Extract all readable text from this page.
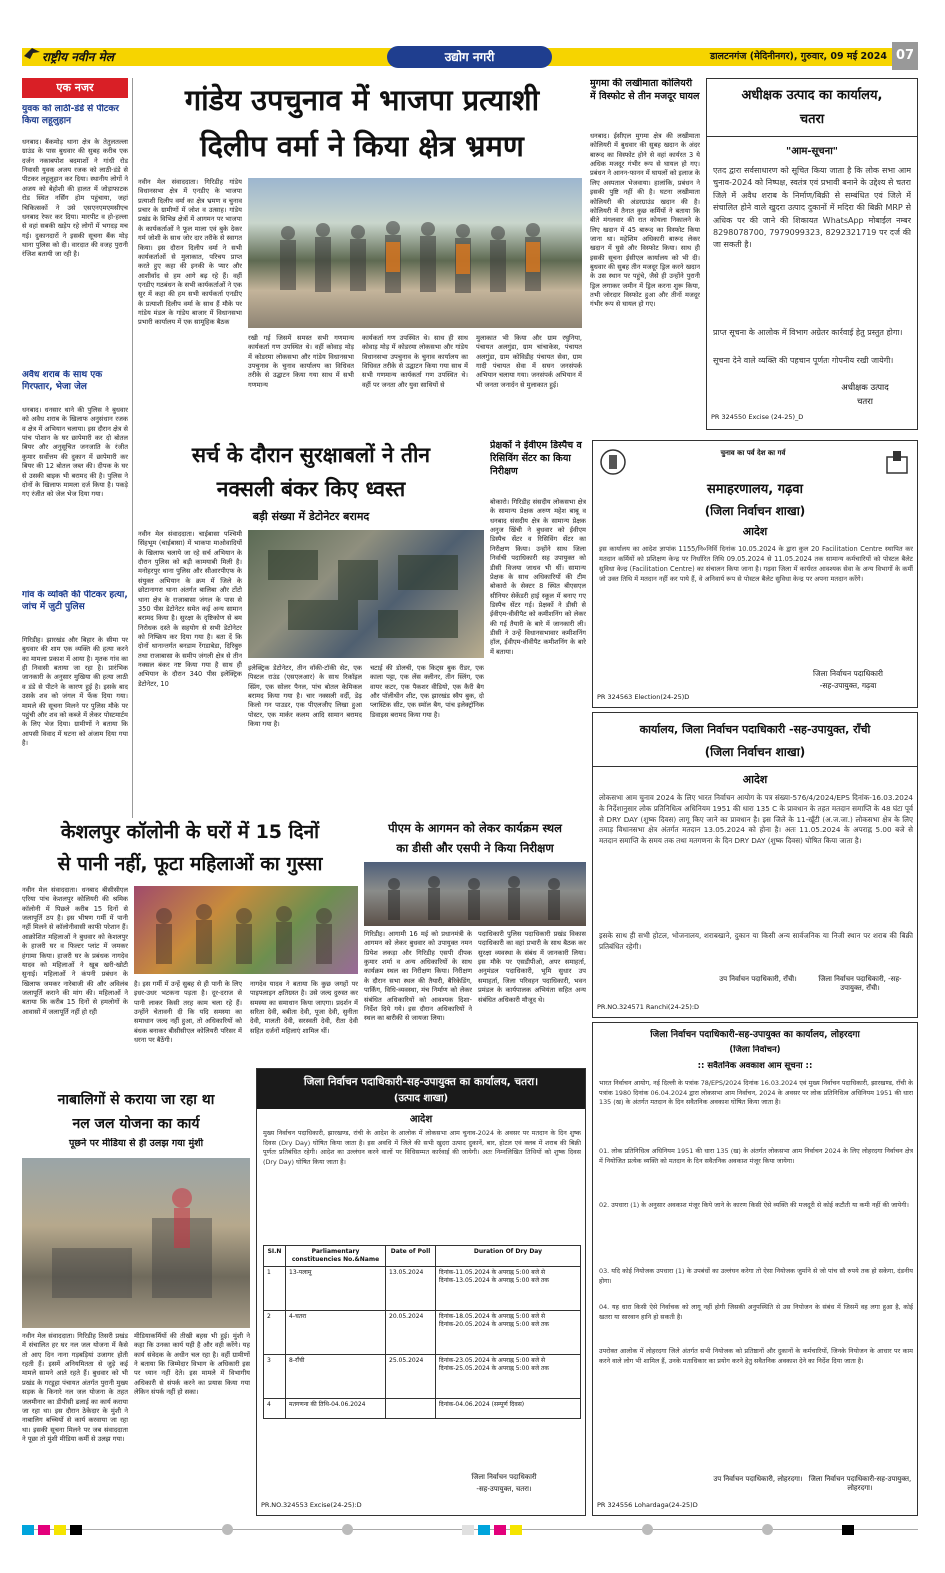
राष्ट्रीय नवीन मेल	उद्योग नगरी	डालटनगंज (मेदिनीनगर), गुरुवार, 09 मई 2024 07
एक नजर
युवक को लाठी-डंडे से पीटकर किया लहूलुहान
धनबाद। बैंकमोड़ थाना क्षेत्र के तेतुलतल्ला ग्राउंड के पास बुधवार की सुबह करीब एक दर्जन नकाबपोश बदमाशों ने गांधी रोड निवासी युवक अजय रजक को लाठी-डंडे से पीटकर लहूलुहान कर दिया। स्थानीय लोगों ने अजय को बेहोशी की हालत में जोड़ाफाटक रोड स्थित नर्सिंग होम पहुंचाया, जहां चिकित्सकों ने उसे एसएनएमएमसीएच धनबाद रेफर कर दिया। मारपीट व हो-हल्ला से वहां सबकी खड़ेप रहे लोगों में भगदड़ मच गई। दुकानदारों ने इसकी सूचना बैंक मोड़ थाना पुलिस को दी। वारदात की वजह पुरानी रंजिश बतायी जा रही है।
अवैध शराब के साथ एक गिरफ्तार, भेजा जेल
धनबाद। धनसार थाने की पुलिस ने बुधवार को अवैध शराब के खिलाफ अनुसंधान रजक व क्षेत्र में अभियान चलाया। इस दौरान क्षेत्र से पांच पोशान के घर छापेमारी कर दो बोतल बियर और अनुसूचित जनजाति के रंजीत कुमार सर्वोत्तम की दुकान में छापेमारी कर बियर की 12 बोतल जब्त की। दीपक के घर से उसकी बाइक भी बरामद की है। पुलिस ने दोनों के खिलाफ मामला दर्ज किया है। पकड़े गए रंजीत को जेल भेज दिया गया।
गांव के व्यक्ति की पीटकर हत्या, जांच में जुटी पुलिस
गिरिडीह। झारखंड और बिहार के सीमा पर बुधवार की शाम एक व्यक्ति की हत्या करने का मामला प्रकाश में आया है। मृतक गांव का ही निवासी बताया जा रहा है। प्रारंभिक जानकारी के अनुसार मुखिया की हत्या लाठी व डंडे से पीटने के कारण हुई है। इसके बाद उसके शव को जंगल में फेंक दिया गया। मामले की सूचना मिलने पर पुलिस मौके पर पहुंची और शव को कब्जे में लेकर पोस्टमार्टम के लिए भेज दिया। ग्रामीणों ने बताया कि आपसी विवाद में घटना को अंजाम दिया गया है।
गांडेय उपचुनाव में भाजपा प्रत्याशी
दिलीप वर्मा ने किया क्षेत्र भ्रमण
नवीन मेल संवाददाता। गिरिडीह गांडेय विधानसभा क्षेत्र में एनडीए के भाजपा प्रत्याशी दिलीप वर्मा का क्षेत्र भ्रमण व चुनाव प्रचार के ग्रामीणों में जोश व उत्साह। गांडेय प्रखंड के विभिन्न क्षेत्रों में आगमन पर भाजपा के कार्यकर्ताओं ने फूल माला एवं बुके देकर गर्म जोशी के साथ जोर दार तरीके से स्वागत किया। इस दौरान दिलीप वर्मा ने सभी कार्यकर्ताओं से मुलाकात, परिचय प्राप्त करते हुए कहा की इनकी के प्यार और आशीर्वाद से हम आगे बढ़ रहे हैं। वहीं एनडीए गठबंधन के सभी कार्यकर्ताओं ने एक सुर में कहा की हम सभी कार्यकर्ता एनडीए के प्रत्याशी दिलीप वर्मा के साथ हैं मौके पर गांडेय मंडल के गांडेय बाजार में विधानसभा प्रभारी कार्यालय में एक सामूहिक बैठक
रखी गई जिसमें समस्त सभी गणमान्य कार्यकर्ता गण उपस्थित थे। वहीं कोवाड़ मोड़ में कोडरमा लोकसभा और गांडेय विधानसभा उपचुनाव के चुनाव कार्यालय का विधिवत तरीके से उद्घाटन किया गया साथ में सभी गणमान्य
कार्यकर्ता गण उपस्थित थे। साथ ही साथ कोवाड़ मोड़ में कोडरमा लोकसभा और गांडेय विधानसभा उपचुनाव के चुनाव कार्यालय का विधिवत तरीके से उद्घाटन किया गया साथ में सभी गणमान्य कार्यकर्ता गण उपस्थित थे। वहीं पर जनता और युवा साथियों से
मुलाकात भी किया और ग्राम रघुनिया, पंचायत अलगुंडा, ग्राम चांचाकेस, पंचायत अलगुंडा, ग्राम कोविडीह पंचायत सेवा, ग्राम गादी पंचायत सेवा में सघन जनसंपर्क अभियान चलाया गया। जनसंपर्क अभियान में भी जनता जनार्दन से मुलाकात हुई।
मुगमा की लखीमाता कोलियरी में विस्फोट से तीन मजदूर घायल
धनबाद। ईसीएल मुगमा क्षेत्र की लखीमाता कोलियरी में बुधवार की सुबह खदान के अंदर बारूद का विस्फोट होने से वहां कार्यरत 3 ये अधिक मजदूर गंभीर रूप से घायल हो गए। प्रबंधन ने आनन-फानन में घायलों को इलाज के लिए अस्पताल भेजवाया। हालांकि, प्रबंधन ने इसकी पुष्टि नहीं की है। घटना लखीमाता कोलियरी की अंडरग्राउंड खदान की है। कोलियरी में तैनात कुछ कर्मियों ने बताया कि बीते मंगलवार की रात कोयला निकालने के लिए खदान में 45 बारूद का विस्फोट किया जाना था। महेशिम अधिकारी बारूद लेकर खदान में घुसे और विस्फोट किया। साथ ही इसकी सूचना ईसीएल कार्यालय को भी दी। बुधवार की सुबह तीन मजदूर ड्रिल करने खदान के उस स्थान पर पहुंचे, जैसे ही उन्होंने पुरानी ड्रिल लगाकर जमीन में ड्रिल करना शुरू किया, तभी जोरदार विस्फोट हुआ और तीनों मजदूर गंभीर रूप से घायल हो गए।
अधीक्षक उत्पाद का कार्यालय,
चतरा
"आम-सूचना"
एतद द्वारा सर्वसाधारण को सूचित किया जाता है कि लोक सभा आम चुनाव-2024 को निष्पक्ष, स्वतंत्र एवं प्रभावी बनाने के उद्देश्य से चतरा जिले में अवैध शराब के निर्माण/बिक्री से सम्बंधित एवं जिले में संचालित होने वाले खुदरा उत्पाद दुकानों में मदिरा की बिक्री MRP से अधिक पर की जाने की शिकायत WhatsApp मोबाईल नम्बर 8298078700, 7979099323, 8292321719 पर दर्ज की जा सकती है।
प्राप्त सूचना के आलोक में विभाग अग्रेतर कार्रवाई हेतु प्रस्तुत होगा।
सूचना देने वाले व्यक्ति की पहचान पूर्णतः गोपनीय रखी जायेगी।
अधीक्षक उत्पाद
चतरा
PR 324550 Excise (24-25)_D
सर्च के दौरान सुरक्षाबलों ने तीन
नक्सली बंकर किए ध्वस्त
बड़ी संख्या में डेटोनेटर बरामद
नवीन मेल संवाददाता। चाईबासा पश्चिमी सिंहभूम (चाईबासा) में भाकपा माओवादियों के खिलाफ चलाये जा रहे सर्च अभियान के दौरान पुलिस को बड़ी कामयाबी मिली है। मनोहरपुर थाना पुलिस और सीआरपीएफ के संयुक्त अभियान के क्रम में जिले के छोटानागरा थाना अंतर्गत बालिबा और टोंटो थाना क्षेत्र के राजाबासा जंगल के पास से 350 पीस डेटोनेटर समेत कई अन्य सामान बरामद किया है। सुरक्षा के दृष्टिकोण से बम निरोधक दस्ते के सहयोग से सभी डेटोनेटर को निष्क्रिय कर दिया गया है। बता दें कि दोनों थानान्तर्गत बनडाम रेंगडाबेडा, दिरिबुरु तथा राजाबासा के समीप जंगली क्षेत्र से तीन नक्सल बंकर नष्ट किया गया है साथ ही अभियान के दौरान 340 पीस इलेक्ट्रिक डेटोनेटर, 10
इलेक्ट्रिक डेटोनेटर, तीन वॉकी-टॉकी सेट, एक पिस्टल राउंड (एसएलआर) के साथ रिकॉइल स्प्रिंग, एक सोलर पैनल, पांच बोतल केमिकल बरामद किया गया है। चार नक्सली वर्दी, डेढ़ किलो गन पाउडर, एक पीएलजीए लिखा हुआ पोस्टर, एक मार्कर कलम आदि सामान बरामद किया गया है।
चटाई की डोलची, एक किट्स बुक रीडर, एक काला पट्टा, एक लेंस क्लीनर, तीन स्लिंग, एक वायर कटर, एक पैकशर वीडियो, एक कैरी बैग और पॉलीथीन शीट, एक झारखंड स्वैप बुक, दो प्लास्टिक सीट, एक स्मॉल बैग, पांच इलेक्ट्रॉनिक डिवाइस बरामद किया गया है।
प्रेक्षकों ने ईवीएम डिस्पैच व रिसिविंग सेंटर का किया निरीक्षण
बोकारो। गिरिडीह संसदीय लोकसभा क्षेत्र के सामान्य प्रेक्षक अरुण महेश बाबू व धनबाद संसदीय क्षेत्र के सामान्य प्रेक्षक अनुज खिंची ने बुधवार को ईवीएम डिस्पैच सेंटर व रिसिविंग सेंटर का निरीक्षण किया। उन्होंने साथ जिला निर्वाची पदाधिकारी सह उपायुक्त को डीसी विजया जाधव भी थीं। सामान्य प्रेक्षक के साथ अधिकारियों की टीम बोकारो के सेक्टर 8 स्थित बीएसएल सीनियर सेकेंडरी हाई स्कूल में बनाए गए डिस्पैच सेंटर गई। प्रेक्षकों ने डीसी से ईवीएम-वीवीपैट को कमीशनिंग को लेकर की गई तैयारी के बारे में जानकारी ली। डीसी ने उन्हें विधानसभावार कमीशनिंग हॉल, ईवीएम-वीवीपैट कमीशनिंग के बारे में बताया।
चुनाव का पर्व देश का गर्व
समाहरणालय, गढ़वा
(जिला निर्वाचन शाखा)
आदेश
इस कार्यालय का आदेश ज्ञापांक 1155/नि०निर्वि दिनांक 10.05.2024 के द्वारा कुल 20 Facilitation Centre स्थापित कर मतदान कर्मियों को प्रशिक्षण केन्द्र पर निर्धारित तिथि 09.05.2024 से 11.05.2024 तक सामान्य कर्मचारियों को पोस्टल बैलेट सुविधा केन्द्र (Facilitation Centre) का संचालन किया जाना है। गढ़वा जिला में कार्यरत आवश्यक सेवा के अन्य विभागों के कर्मी जो उक्त तिथि में मतदान नहीं कर पाये हैं, वे अनिवार्य रूप से पोस्टल बैलेट सुविधा केन्द्र पर अपना मतदान करेंगे।
जिला निर्वाचन पदाधिकारी
-सह-उपायुक्त, गढ़वा
PR 324563 Election(24-25)D
केशलपुर कॉलोनी के घरों में 15 दिनों
से पानी नहीं, फूटा महिलाओं का गुस्सा
नवीन मेल संवाददाता। धनबाद बीसीसीएल एरिया पांच केशलपुर कोलियरी की श्रमिक कॉलोनी में पिछले करीब 15 दिनों से जलापूर्ति ठप है। इस भीषण गर्मी में पानी नहीं मिलने से कॉलोनीवासी काफी परेशान हैं। आक्रोशित महिलाओं ने बुधवार को केशलपुर के हाजरी घर व फिल्टर प्लांट में जमकर हंगामा किया। हाजरी घर के प्रबंधक नागदेव यादव को महिलाओं ने खूब खरी-खोटी सुनाई। महिलाओं ने कंपनी प्रबंधन के खिलाफ जमकर नारेबाजी की और अविलंब जलापूर्ति कराने की मांग की। महिलाओं ने बताया कि करीब 15 दिनों से हमलोगों के आवासों में जलापूर्ति नहीं हो रही
है। इस गर्मी में उन्हें सुबह से ही पानी के लिए इधर-उधर भटकना पड़ता है। दूर-दराज से पानी लाकर किसी तरह काम चला रहे हैं। उन्होंने चेतावनी दी कि यदि समस्या का समाधान जल्द नहीं हुआ, तो अधिकारियों को बंधक बनाकर बीसीसीएल कोलियरी परिसर में धरना पर बैठेंगी।
नागदेव यादव ने बताया कि कुछ जगहों पर पाइपलाइन क्षतिग्रस्त है। उसे जल्द दुरुस्त कर समस्या का समाधान किया जाएगा। प्रदर्शन में सरिता देवी, बबीता देवी, पूजा देवी, सुनीता देवी, मालती देवी, सरस्वती देवी, रीता देवी सहित दर्जनों महिलाएं शामिल थीं।
पीएम के आगमन को लेकर कार्यक्रम स्थल
का डीसी और एसपी ने किया निरीक्षण
गिरिडीह। आगामी 16 मई को प्रधानमंत्री के आगमन को लेकर बुधवार को उपायुक्त नमन प्रियेश लकड़ा और गिरिडीह एसपी दीपक कुमार शर्मा व अन्य अधिकारियों के साथ कार्यक्रम स्थल का निरीक्षण किया। निरीक्षण के दौरान सभा स्थल की तैयारी, बैरिकेडिंग, पार्किंग, विधि-व्यवस्था, मंच निर्माण को लेकर संबंधित अधिकारियों को आवश्यक दिशा-निर्देश दिये गये। इस दौरान अधिकारियों ने स्थल का बारीकी से जायजा लिया।
पदाधिकारी पुलिस पदाधिकारी प्रखंड विकास पदाधिकारी का वहां प्रभारी के साथ बैठक कर सुरक्षा व्यवस्था के संबंध में जानकारी लिया। इस मौके पर एसडीपीओ, अपर समाहर्ता, अनुमंडल पदाधिकारी, भूमि सुधार उप समाहर्ता, जिला परिवहन पदाधिकारी, भवन प्रमंडल के कार्यपालक अभियंता सहित अन्य संबंधित अधिकारी मौजूद थे।
कार्यालय, जिला निर्वाचन पदाधिकारी -सह-उपायुक्त, राँची
(जिला निर्वाचन शाखा)
आदेश
लोकसभा आम चुनाव 2024 के लिए भारत निर्वाचन आयोग के पत्र संख्या-576/4/2024/EPS दिनांक-16.03.2024 के निर्देशानुसार लोक प्रतिनिधित्व अधिनियम 1951 की धारा 135 C के प्रावधान के तहत मतदान समाप्ति के 48 घंटा पूर्व से DRY DAY (शुष्क दिवस) लागू किए जाने का प्रावधान है। इस जिले के 11-खूँटी (अ.ज.जा.) लोकसभा क्षेत्र के लिए तमाड़ विधानसभा क्षेत्र अंतर्गत मतदान 13.05.2024 को होना है। अतः 11.05.2024 के अपराह्न 5.00 बजे से मतदान समाप्ति के समय तक तथा मतगणना के दिन DRY DAY (शुष्क दिवस) घोषित किया जाता है।
इसके साथ ही सभी होटल, भोजनालय, शराबखाने, दुकान या किसी अन्य सार्वजनिक या निजी स्थान पर शराब की बिक्री प्रतिबंधित रहेगी।
उप निर्वाचन पदाधिकारी, राँची।	जिला निर्वाचन पदाधिकारी, -सह- उपायुक्त, राँची।
PR.NO.324571 Ranchi(24-25):D
नाबालिगों से कराया जा रहा था
नल जल योजना का कार्य
पूछने पर मीडिया से ही उलझ गया मुंशी
नवीन मेल संवाददाता। गिरिडीह तिसरी प्रखंड में संचालित हर घर नल जल योजना में कैसे तो आए दिन नाना गड़बड़ियां उजागर होती रहती हैं। इसमें अनियमितता से जुड़े कई मामले सामने आते रहते हैं। बुधवार को भी प्रखंड के गरडूहा पंचायत अंतर्गत पुरानी मुख्य सड़क के किनारे नल जल योजना के तहत जलमीनार का डीपीसी ढलाई का कार्य कराया जा रहा था। इस दौरान ठेकेदार के मुंशी ने नाबालिग बच्चियों से कार्य करवाया जा रहा था। इसकी सूचना मिलने पर जब संवाददाता ने पूछा तो मुंशी मीडिया कर्मी से उलझ गया।
मीडियाकर्मियों की तीखी बहस भी हुई। मुंशी ने कहा कि उनका कार्य यही है और वही करेंगे। यह कार्य संवेदक के अधीन चल रहा है। वहीं ग्रामीणों ने बताया कि जिम्मेदार विभाग के अधिकारी इस पर ध्यान नहीं देते। इस मामले में विभागीय अधिकारी से संपर्क करने का प्रयास किया गया लेकिन संपर्क नहीं हो सका।
जिला निर्वाचन पदाधिकारी-सह-उपायुक्त का कार्यालय, चतरा।
(उत्पाद शाखा)
आदेश
मुख्य निर्वाचन पदाधिकारी, झारखण्ड, रांची के आदेश के आलोक में लोकसभा आम चुनाव-2024 के अवसर पर मतदान के दिन शुष्क दिवस (Dry Day) घोषित किया जाता है। इस अवधि में जिले की सभी खुदरा उत्पाद दुकानें, बार, होटल एवं क्लब में शराब की बिक्री पूर्णतः प्रतिबंधित रहेगी। आदेश का उल्लंघन करने वालों पर विधिसम्मत कार्रवाई की जायेगी। अतः निम्नलिखित तिथियों को शुष्क दिवस (Dry Day) घोषित किया जाता है।
SI.N	Parliamentary constituencies No.&Name	Date of Poll	Duration Of Dry Day
1	13-पलामू	13.05.2024	दिनांक-11.05.2024 के अपराह्न 5:00 बजे से दिनांक-13.05.2024 के अपराह्न 5:00 बजे तक
2	4-चतरा	20.05.2024	दिनांक-18.05.2024 के अपराह्न 5:00 बजे से दिनांक-20.05.2024 के अपराह्न 5:00 बजे तक
3	8-राँची	25.05.2024	दिनांक-23.05.2024 के अपराह्न 5:00 बजे से दिनांक-25.05.2024 के अपराह्न 5:00 बजे तक
4	मतगणना की तिथि-04.06.2024		दिनांक-04.06.2024 (सम्पूर्ण दिवस)
जिला निर्वाचन पदाधिकारी
-सह-उपायुक्त, चतरा।
PR.NO.324553 Excise(24-25):D
जिला निर्वाचन पदाधिकारी-सह-उपायुक्त का कार्यालय, लोहरदगा
(जिला निर्वाचन)
:: सवैतनिक अवकाश आम सूचना ::
भारत निर्वाचन आयोग, नई दिल्ली के पत्रांक 78/EPS/2024 दिनांक 16.03.2024 एवं मुख्य निर्वाचन पदाधिकारी, झारखण्ड, राँची के पत्रांक 1980 दिनांक 06.04.2024 द्वारा लोकसभा आम निर्वाचन, 2024 के अवसर पर लोक प्रतिनिधित्व अधिनियम 1951 की धारा 135 (ख) के अंतर्गत मतदान के दिन सवैतनिक अवकाश घोषित किया जाता है।
01. लोक प्रतिनिधित्व अधिनियम 1951 की धारा 135 (ख) के अंतर्गत लोकसभा आम निर्वाचन 2024 के लिए लोहरदगा निर्वाचन क्षेत्र में नियोजित प्रत्येक व्यक्ति को मतदान के दिन सवैतनिक अवकाश मंजूर किया जायेगा।
02. उपधारा (1) के अनुसार अवकाश मंजूर किये जाने के कारण किसी ऐसे व्यक्ति की मजदूरी से कोई कटौती या कमी नहीं की जायेगी।
03. यदि कोई नियोजक उपधारा (1) के उपबंधों का उल्लंघन करेगा तो ऐसा नियोजक जुर्माने से जो पांच सौ रुपये तक हो सकेगा, दंडनीय होगा।
04. यह धारा किसी ऐसे निर्वाचक को लागू नहीं होगी जिसकी अनुपस्थिति से उस नियोजन के संबंध में जिसमें वह लगा हुआ है, कोई खतरा या सारवान हानि हो सकती है।
उपरोक्त आलोक में लोहरदगा जिले अंतर्गत सभी नियोजक को प्रतिष्ठानों और दुकानों के कर्मचारियों, जिनके नियोजन के आधार पर काम करने वाले लोग भी शामिल हैं, उनके मताधिकार का प्रयोग करने हेतु सवैतनिक अवकाश देने का निर्देश दिया जाता है।
उप निर्वाचन पदाधिकारी, लोहरदगा। जिला निर्वाचन पदाधिकारी-सह-उपायुक्त, लोहरदगा।
PR 324556 Lohardaga(24-25)D
